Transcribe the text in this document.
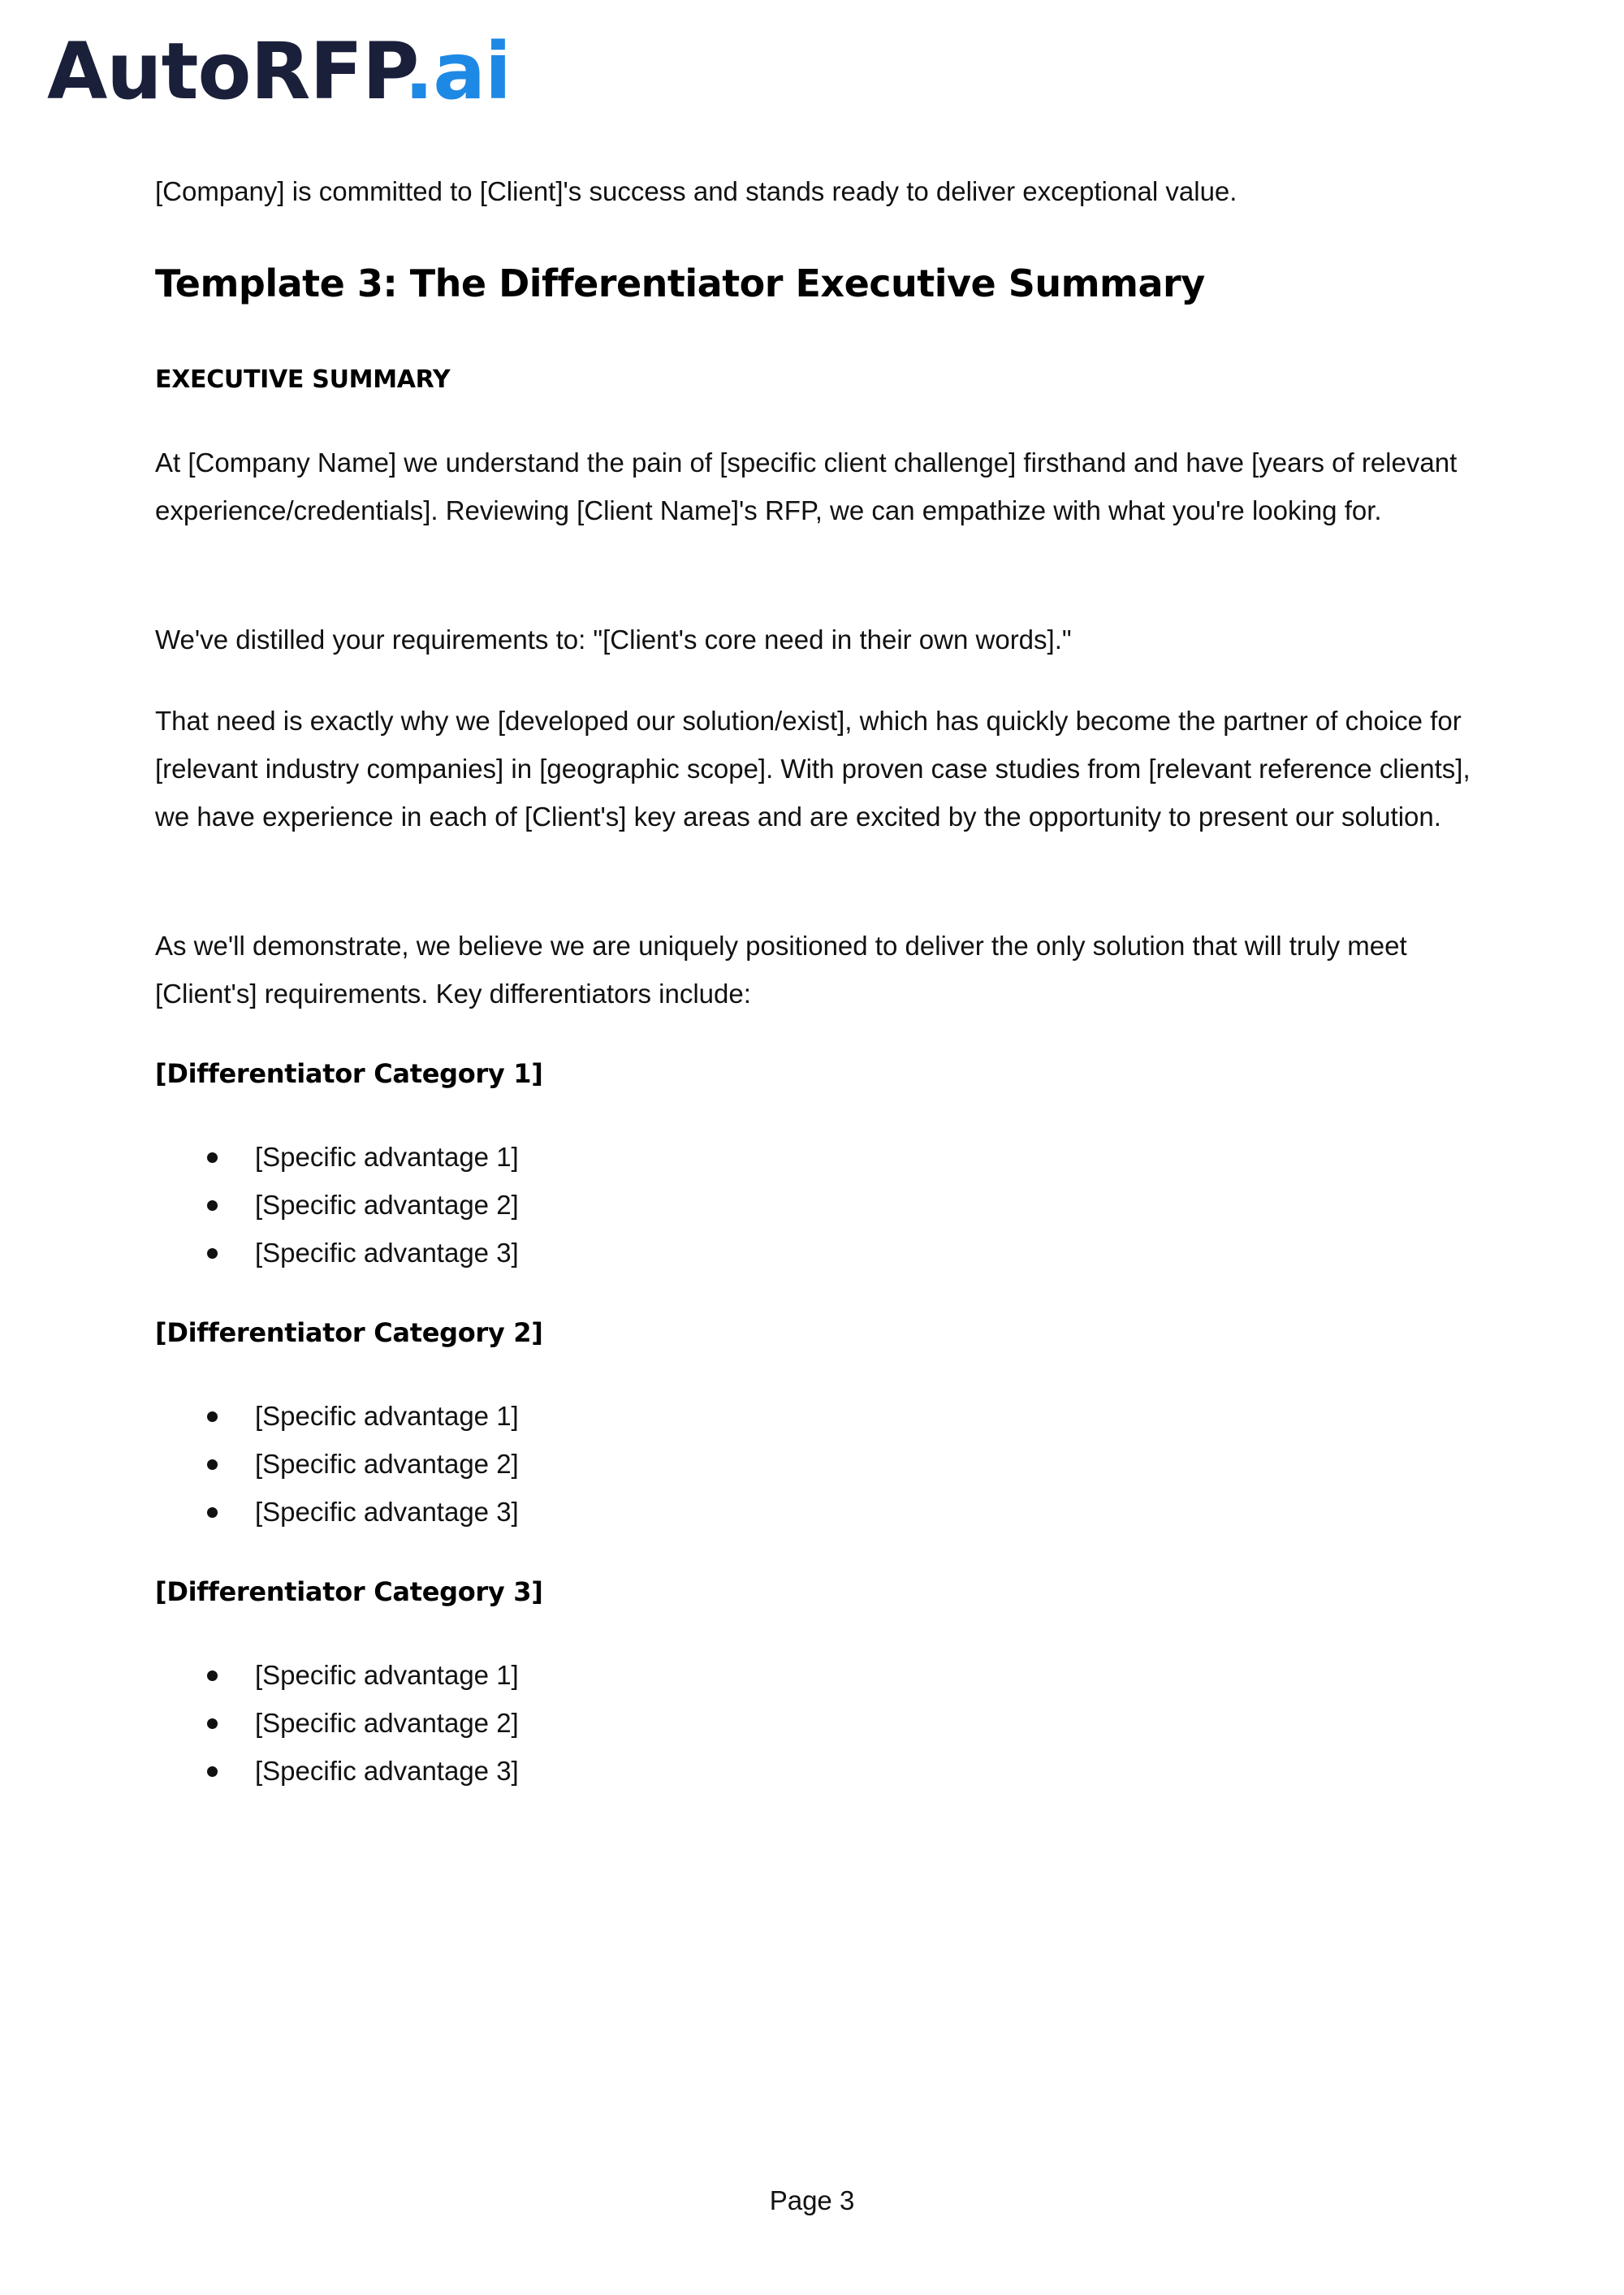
AutoRFP.ai

[Company] is committed to [Client]'s success and stands ready to deliver exceptional value.

Template 3: The Differentiator Executive Summary
EXECUTIVE SUMMARY

At [Company Name] we understand the pain of [specific client challenge] firsthand and have [years of relevant experience/credentials]. Reviewing [Client Name]'s RFP, we can empathize with what you're looking for.

We've distilled your requirements to: "[Client's core need in their own words]."

That need is exactly why we [developed our solution/exist], which has quickly become the partner of choice for [relevant industry companies] in [geographic scope]. With proven case studies from [relevant reference clients], we have experience in each of [Client's] key areas and are excited by the opportunity to present our solution.

As we'll demonstrate, we believe we are uniquely positioned to deliver the only solution that will truly meet [Client's] requirements. Key differentiators include:

[Differentiator Category 1]
[Specific advantage 1]
[Specific advantage 2]
[Specific advantage 3]
[Differentiator Category 2]
[Specific advantage 1]
[Specific advantage 2]
[Specific advantage 3]
[Differentiator Category 3]
[Specific advantage 1]
[Specific advantage 2]
[Specific advantage 3]
Page 3
